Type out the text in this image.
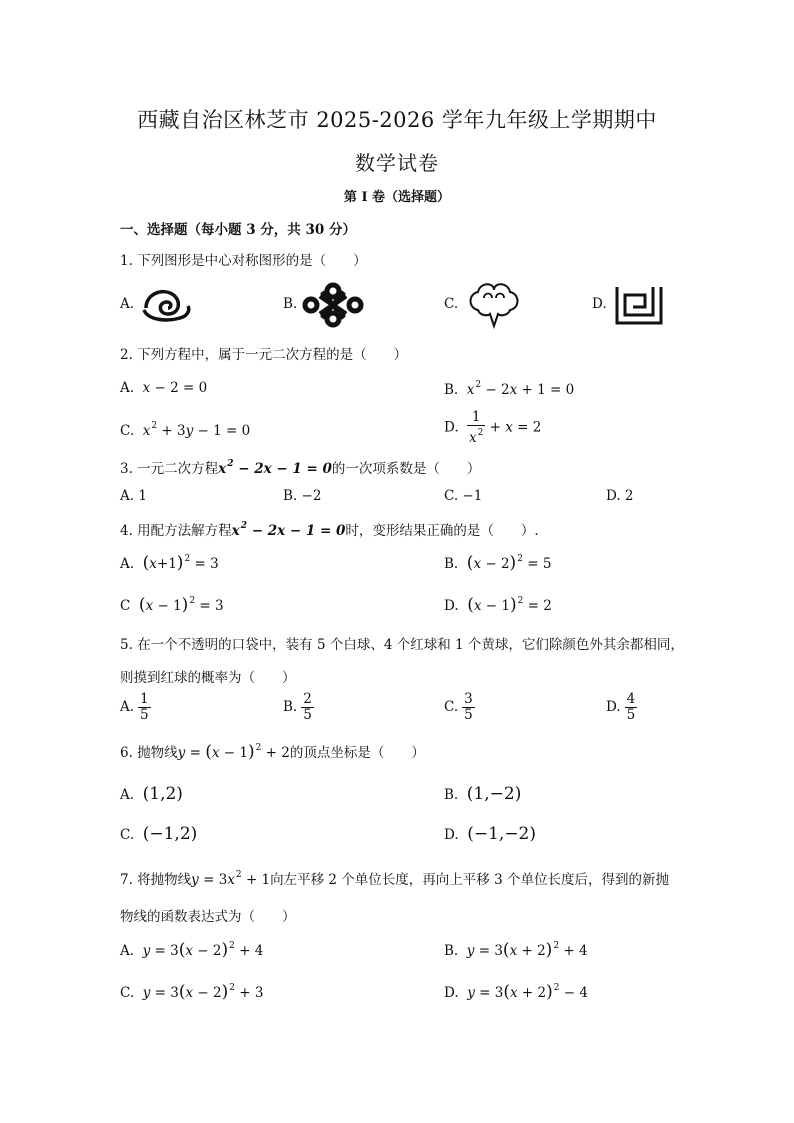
西藏自治区林芝市 2025-2026 学年九年级上学期期中
数学试卷
第 I 卷（选择题）
一、选择题（每小题 3 分，共 30 分）
1. 下列图形是中心对称图形的是（　　）
A.	B.	C.	D.
2. 下列方程中，属于一元二次方程的是（　　）
A.  x − 2 = 0	B.  $x^2 - 2x + 1 = 0$
C.  $x^2 + 3y - 1 = 0$	D. $\frac{1}{x^2} + x = 2$
3. 一元二次方程$x^2 - 2x - 1 = 0$的一次项系数是（　　）
A. 1	B. −2	C. −1	D. 2
4. 用配方法解方程$x^2 - 2x - 1 = 0$时，变形结果正确的是（　　）.
A.  $(x+1)^2 = 3$	B.  $(x - 2)^2 = 5$
C  $(x - 1)^2 = 3$	D.  $(x - 1)^2 = 2$
5. 在一个不透明的口袋中，装有 5 个白球、4 个红球和 1 个黄球，它们除颜色外其余都相同，
则摸到红球的概率为（　　）
A. $\frac{1}{5}$	B. $\frac{2}{5}$	C. $\frac{3}{5}$	D. $\frac{4}{5}$
6. 抛物线$y = (x - 1)^2 + 2$的顶点坐标是（　　）
A.  (1,2)	B.  (1,−2)
C.  (−1,2)	D.  (−1,−2)
7. 将抛物线$y = 3x^2 + 1$向左平移 2 个单位长度，再向上平移 3 个单位长度后，得到的新抛
物线的函数表达式为（　　）
A.  $y = 3(x - 2)^2 + 4$	B.  $y = 3(x + 2)^2 + 4$
C.  $y = 3(x - 2)^2 + 3$	D.  $y = 3(x + 2)^2 - 4$
